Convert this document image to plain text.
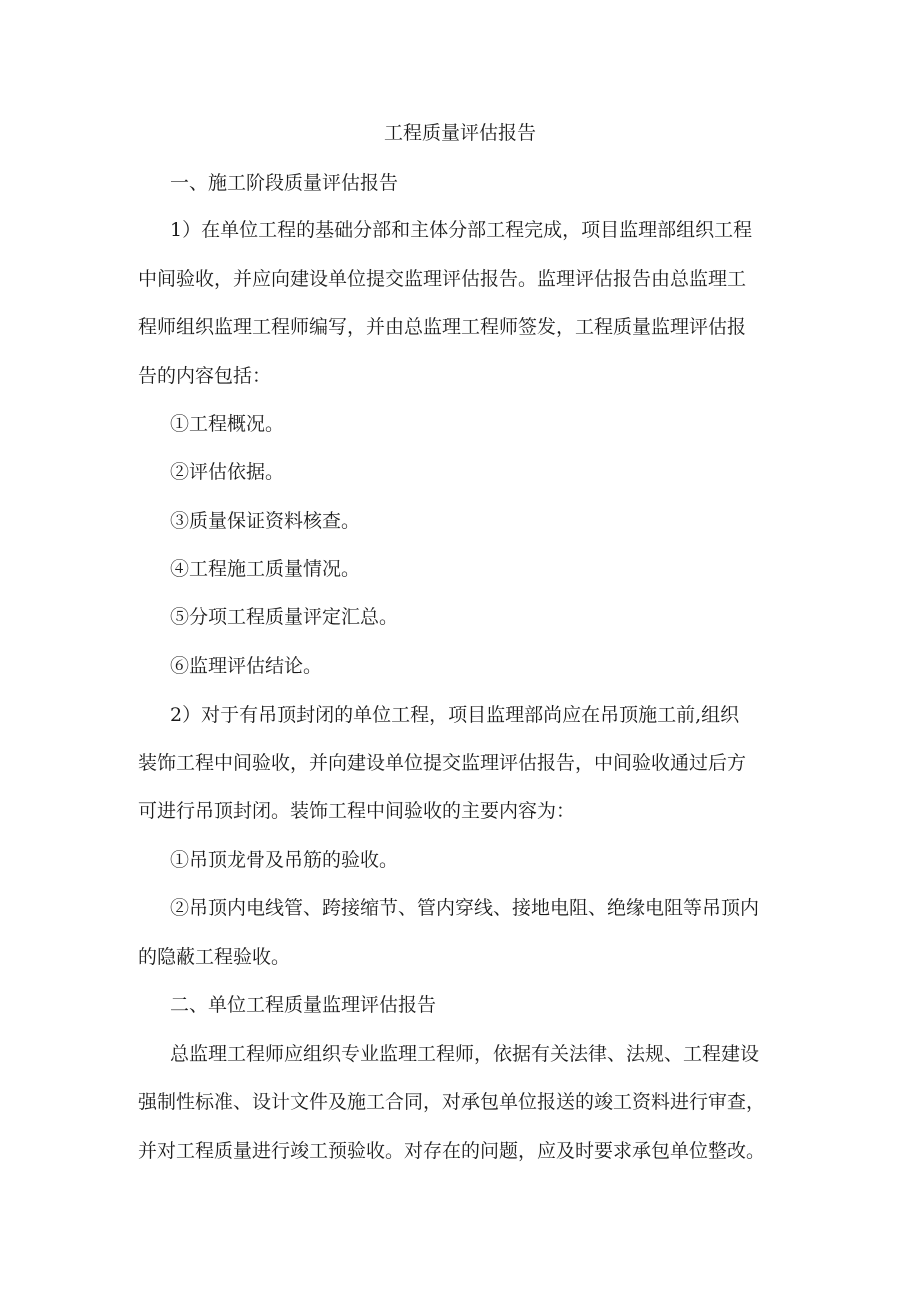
工程质量评估报告

一、施工阶段质量评估报告

1）在单位工程的基础分部和主体分部工程完成，项目监理部组织工程

中间验收，并应向建设单位提交监理评估报告。监理评估报告由总监理工

程师组织监理工程师编写，并由总监理工程师签发，工程质量监理评估报

告的内容包括：

①工程概况。

②评估依据。

③质量保证资料核查。

④工程施工质量情况。

⑤分项工程质量评定汇总。

⑥监理评估结论。

2）对于有吊顶封闭的单位工程，项目监理部尚应在吊顶施工前,组织

装饰工程中间验收，并向建设单位提交监理评估报告，中间验收通过后方

可进行吊顶封闭。装饰工程中间验收的主要内容为：

①吊顶龙骨及吊筋的验收。

②吊顶内电线管、跨接缩节、管内穿线、接地电阻、绝缘电阻等吊顶内

的隐蔽工程验收。

二、单位工程质量监理评估报告

总监理工程师应组织专业监理工程师，依据有关法律、法规、工程建设

强制性标准、设计文件及施工合同，对承包单位报送的竣工资料进行审查，

并对工程质量进行竣工预验收。对存在的问题，应及时要求承包单位整改。
